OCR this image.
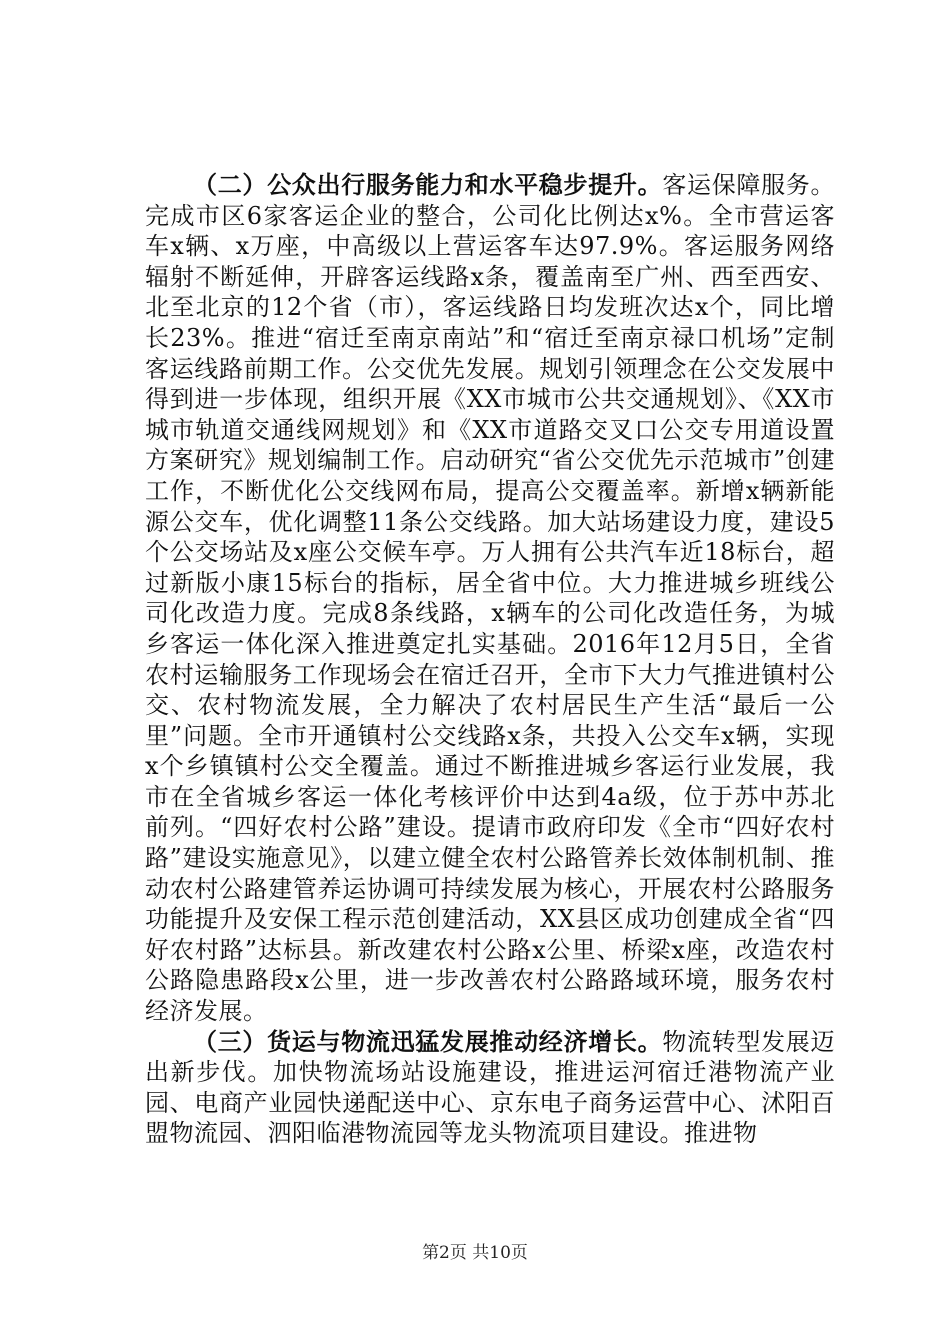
（二）公众出行服务能力和水平稳步提升。客运保障服务。完成市区6家客运企业的整合，公司化比例达x%。全市营运客车x辆、x万座，中高级以上营运客车达97.9%。客运服务网络辐射不断延伸，开辟客运线路x条，覆盖南至广州、西至西安、北至北京的12个省（市），客运线路日均发班次达x个，同比增长23%。推进“宿迁至南京南站”和“宿迁至南京禄口机场”定制客运线路前期工作。公交优先发展。规划引领理念在公交发展中得到进一步体现，组织开展《XX市城市公共交通规划》、《XX市城市轨道交通线网规划》和《XX市道路交叉口公交专用道设置方案研究》规划编制工作。启动研究“省公交优先示范城市”创建工作，不断优化公交线网布局，提高公交覆盖率。新增x辆新能源公交车，优化调整11条公交线路。加大站场建设力度，建设5个公交场站及x座公交候车亭。万人拥有公共汽车近18标台，超过新版小康15标台的指标，居全省中位。大力推进城乡班线公司化改造力度。完成8条线路，x辆车的公司化改造任务，为城乡客运一体化深入推进奠定扎实基础。2016年12月5日，全省农村运输服务工作现场会在宿迁召开，全市下大力气推进镇村公交、农村物流发展，全力解决了农村居民生产生活“最后一公里”问题。全市开通镇村公交线路x条，共投入公交车x辆，实现x个乡镇镇村公交全覆盖。通过不断推进城乡客运行业发展，我市在全省城乡客运一体化考核评价中达到4a级，位于苏中苏北前列。“四好农村公路”建设。提请市政府印发《全市“四好农村路”建设实施意见》，以建立健全农村公路管养长效体制机制、推动农村公路建管养运协调可持续发展为核心，开展农村公路服务功能提升及安保工程示范创建活动，XX县区成功创建成全省“四好农村路”达标县。新改建农村公路x公里、桥梁x座，改造农村公路隐患路段x公里，进一步改善农村公路路域环境，服务农村经济发展。

（三）货运与物流迅猛发展推动经济增长。物流转型发展迈出新步伐。加快物流场站设施建设，推进运河宿迁港物流产业园、电商产业园快递配送中心、京东电子商务运营中心、沭阳百盟物流园、泗阳临港物流园等龙头物流项目建设。推进物

第2页 共10页
